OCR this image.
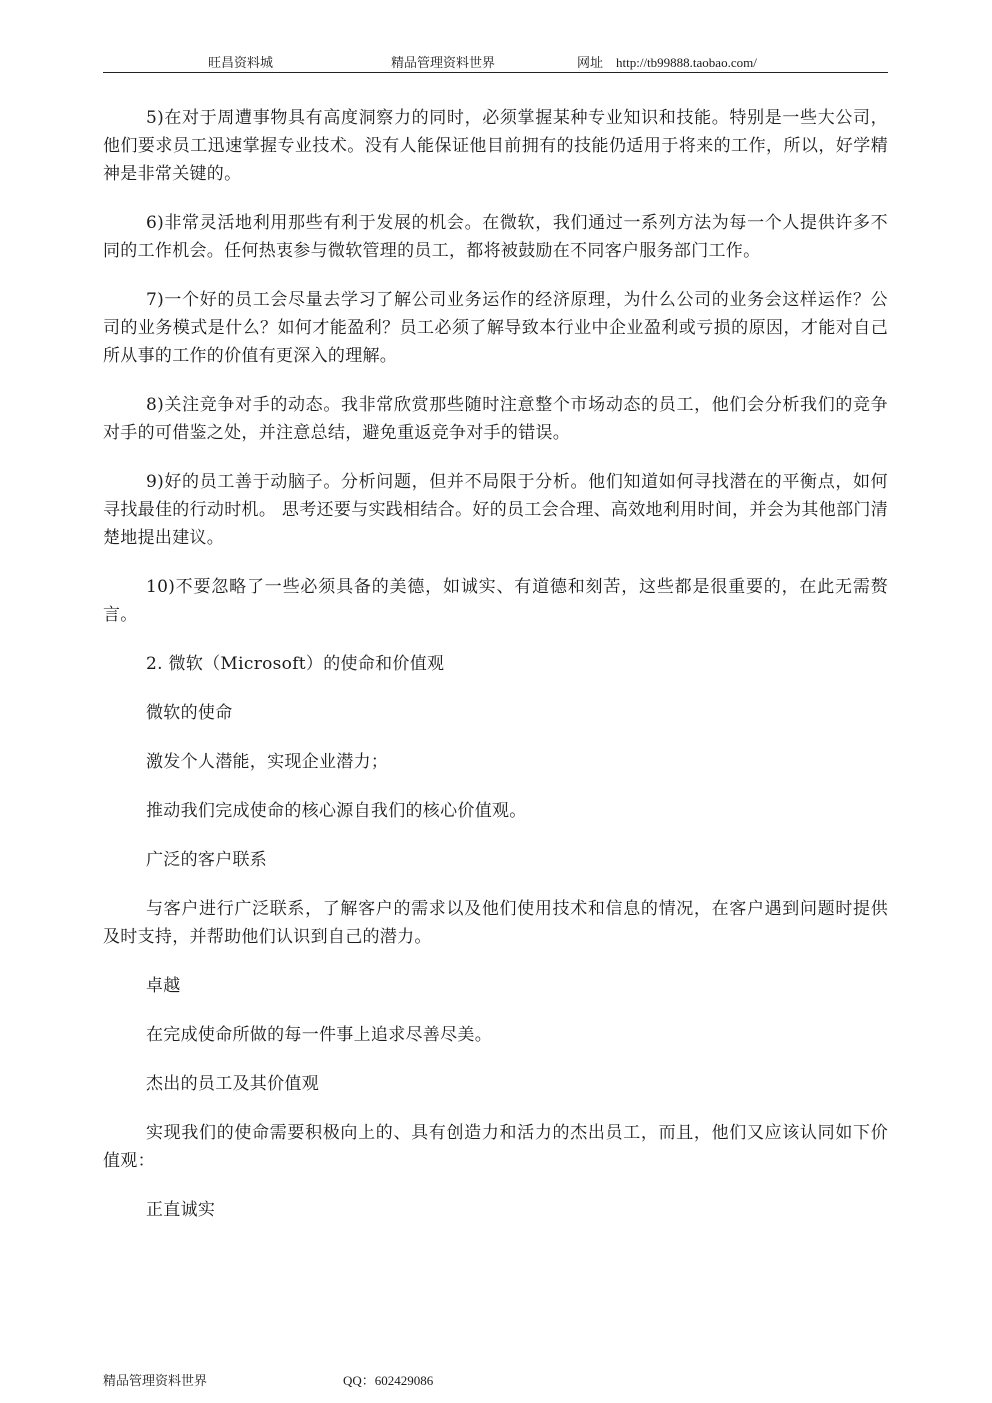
旺昌资料城	精品管理资料世界	网址　http://tb99888.taobao.com/

5)在对于周遭事物具有高度洞察力的同时，必须掌握某种专业知识和技能。特别是一些大公司，他们要求员工迅速掌握专业技术。没有人能保证他目前拥有的技能仍适用于将来的工作，所以，好学精神是非常关键的。

6)非常灵活地利用那些有利于发展的机会。在微软，我们通过一系列方法为每一个人提供许多不同的工作机会。任何热衷参与微软管理的员工，都将被鼓励在不同客户服务部门工作。

7)一个好的员工会尽量去学习了解公司业务运作的经济原理，为什么公司的业务会这样运作？公司的业务模式是什么？如何才能盈利？员工必须了解导致本行业中企业盈利或亏损的原因，才能对自己所从事的工作的价值有更深入的理解。

8)关注竞争对手的动态。我非常欣赏那些随时注意整个市场动态的员工，他们会分析我们的竞争对手的可借鉴之处，并注意总结，避免重返竞争对手的错误。

9)好的员工善于动脑子。分析问题，但并不局限于分析。他们知道如何寻找潜在的平衡点，如何寻找最佳的行动时机。 思考还要与实践相结合。好的员工会合理、高效地利用时间，并会为其他部门清楚地提出建议。

10)不要忽略了一些必须具备的美德，如诚实、有道德和刻苦，这些都是很重要的，在此无需赘言。

2. 微软（Microsoft）的使命和价值观

微软的使命

激发个人潜能，实现企业潜力；

推动我们完成使命的核心源自我们的核心价值观。

广泛的客户联系

与客户进行广泛联系，了解客户的需求以及他们使用技术和信息的情况，在客户遇到问题时提供及时支持，并帮助他们认识到自己的潜力。

卓越

在完成使命所做的每一件事上追求尽善尽美。

杰出的员工及其价值观

实现我们的使命需要积极向上的、具有创造力和活力的杰出员工，而且，他们又应该认同如下价值观：

正直诚实

精品管理资料世界	QQ：602429086
